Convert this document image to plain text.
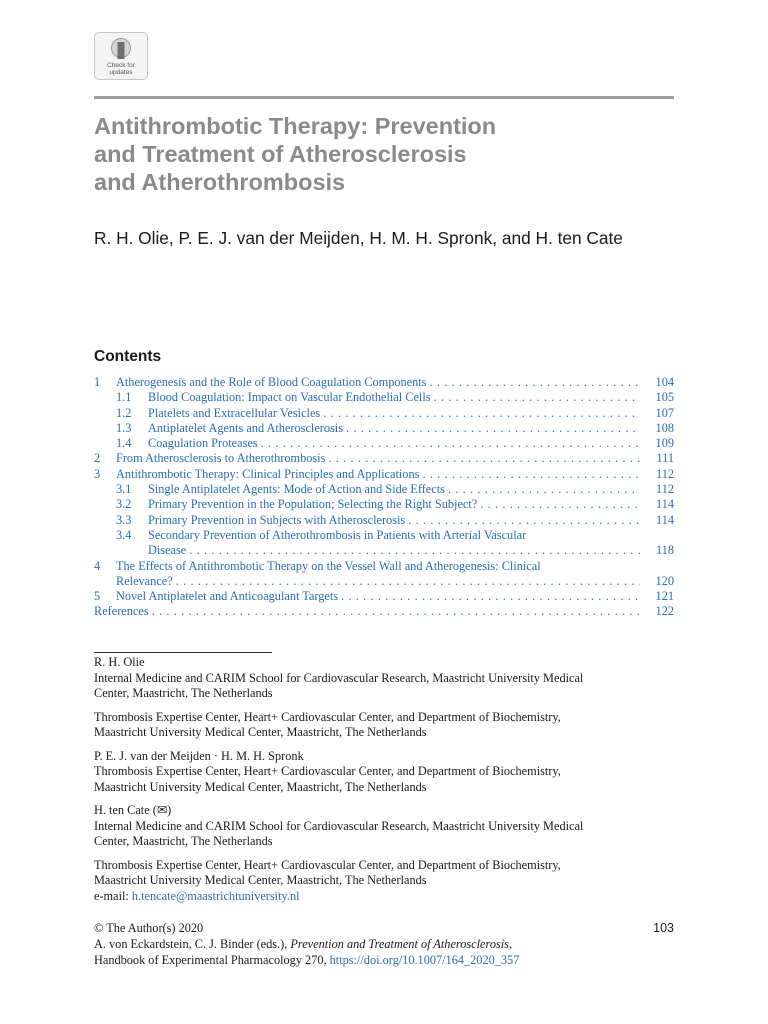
Check for
updates
Antithrombotic Therapy: Prevention
and Treatment of Atherosclerosis
and Atherothrombosis
R. H. Olie, P. E. J. van der Meijden, H. M. H. Spronk, and H. ten Cate
Contents
1	Atherogenesis and the Role of Blood Coagulation Components . . .	104
1.1	Blood Coagulation: Impact on Vascular Endothelial Cells . . .	105
1.2	Platelets and Extracellular Vesicles . . .	107
1.3	Antiplatelet Agents and Atherosclerosis . . .	108
1.4	Coagulation Proteases . . .	109
2	From Atherosclerosis to Atherothrombosis . . .	111
3	Antithrombotic Therapy: Clinical Principles and Applications . . .	112
3.1	Single Antiplatelet Agents: Mode of Action and Side Effects . . .	112
3.2	Primary Prevention in the Population; Selecting the Right Subject? . . .	114
3.3	Primary Prevention in Subjects with Atherosclerosis . . .	114
3.4	Secondary Prevention of Atherothrombosis in Patients with Arterial Vascular
Disease . . .	118
4	The Effects of Antithrombotic Therapy on the Vessel Wall and Atherogenesis: Clinical
Relevance? . . .	120
5	Novel Antiplatelet and Anticoagulant Targets . . .	121
References . . .	122
R. H. Olie
Internal Medicine and CARIM School for Cardiovascular Research, Maastricht University Medical
Center, Maastricht, The Netherlands
Thrombosis Expertise Center, Heart+ Cardiovascular Center, and Department of Biochemistry,
Maastricht University Medical Center, Maastricht, The Netherlands
P. E. J. van der Meijden · H. M. H. Spronk
Thrombosis Expertise Center, Heart+ Cardiovascular Center, and Department of Biochemistry,
Maastricht University Medical Center, Maastricht, The Netherlands
H. ten Cate (✉)
Internal Medicine and CARIM School for Cardiovascular Research, Maastricht University Medical
Center, Maastricht, The Netherlands
Thrombosis Expertise Center, Heart+ Cardiovascular Center, and Department of Biochemistry,
Maastricht University Medical Center, Maastricht, The Netherlands
e-mail: h.tencate@maastrichtuniversity.nl
© The Author(s) 2020	103
A. von Eckardstein, C. J. Binder (eds.), Prevention and Treatment of Atherosclerosis,
Handbook of Experimental Pharmacology 270, https://doi.org/10.1007/164_2020_357
